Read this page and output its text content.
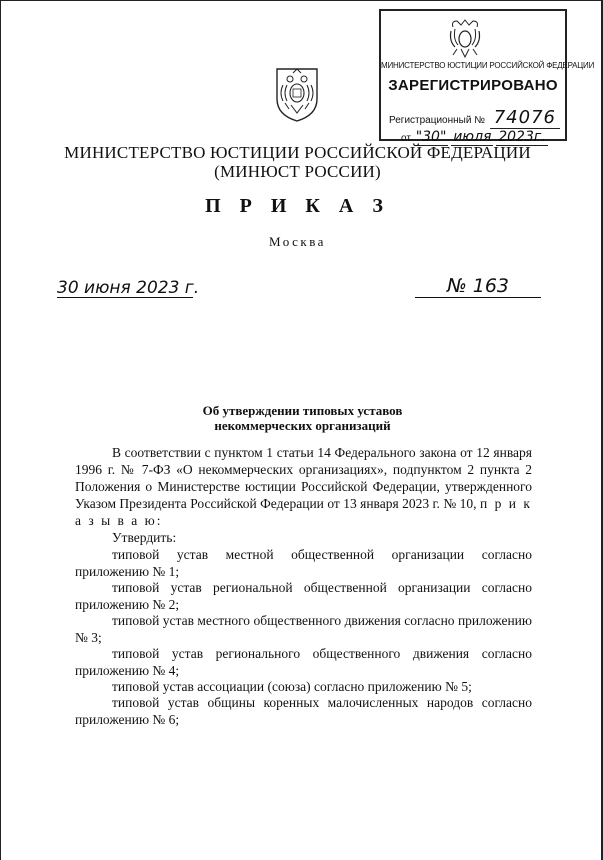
МИНИСТЕРСТВО ЮСТИЦИИ РОССИЙСКОЙ ФЕДЕРАЦИИ
ЗАРЕГИСТРИРОВАНО
Регистрационный № 74076
от "30" июля 2023г.
МИНИСТЕРСТВО ЮСТИЦИИ РОССИЙСКОЙ ФЕДЕРАЦИИ
(МИНЮСТ РОССИИ)
П Р И К А З
Москва
30 июня 2023 г.	№ 163
Об утверждении типовых уставов
некоммерческих организаций

В соответствии с пунктом 1 статьи 14 Федерального закона от 12 января 1996 г. № 7-ФЗ «О некоммерческих организациях», подпунктом 2 пункта 2 Положения о Министерстве юстиции Российской Федерации, утвержденного Указом Президента Российской Федерации от 13 января 2023 г. № 10, п р и к а з ы в а ю:

Утвердить:

типовой устав местной общественной организации согласно приложению № 1;

типовой устав региональной общественной организации согласно приложению № 2;

типовой устав местного общественного движения согласно приложению № 3;

типовой устав регионального общественного движения согласно приложению № 4;

типовой устав ассоциации (союза) согласно приложению № 5;

типовой устав общины коренных малочисленных народов согласно приложению № 6;
